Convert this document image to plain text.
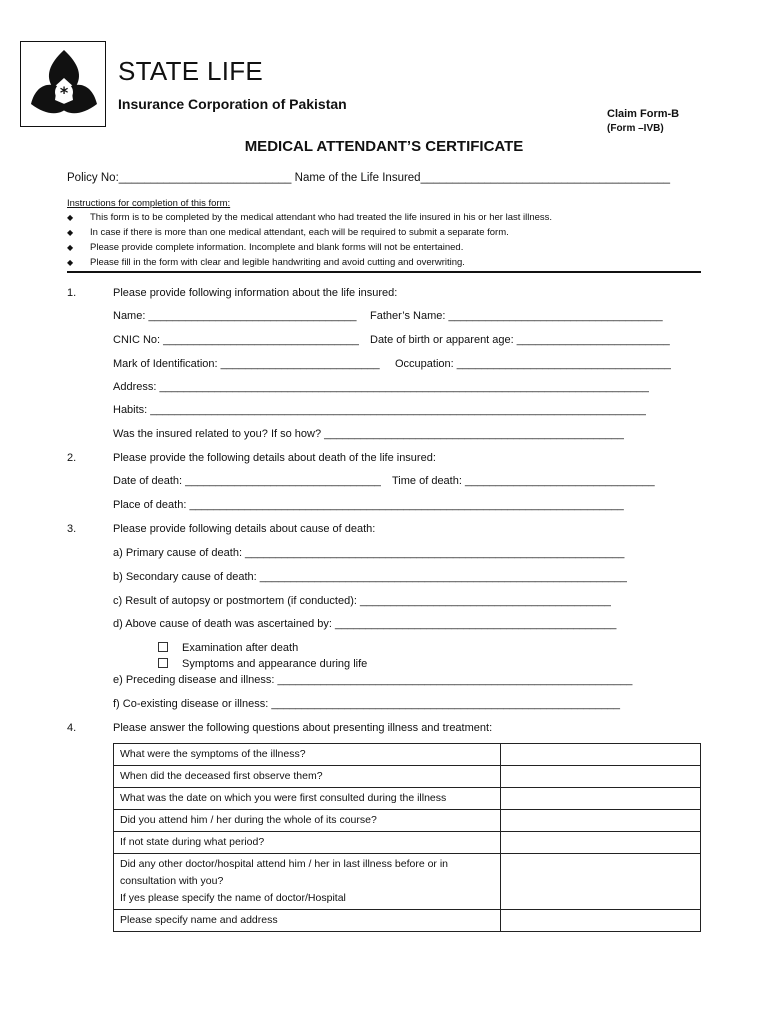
*
STATE LIFE
Insurance Corporation of Pakistan
Claim Form-B
(Form –IVB)
MEDICAL ATTENDANT’S CERTIFICATE
Policy No:___________________________ Name of the Life Insured_______________________________________
Instructions for completion of this form:
◆ This form is to be completed by the medical attendant who had treated the life insured in his or her last illness.
◆ In case if there is more than one medical attendant, each will be required to submit a separate form.
◆ Please provide complete information. Incomplete and blank forms will not be entertained.
◆ Please fill in the form with clear and legible handwriting and avoid cutting and overwriting.
1.	Please provide following information about the life insured:
Name: __________________________________ Father’s Name: ___________________________________
CNIC No: ________________________________ Date of birth or apparent age: _________________________
Mark of Identification: __________________________ Occupation: ___________________________________
Address: ________________________________________________________________________________
Habits: _________________________________________________________________________________
Was the insured related to you? If so how? _________________________________________________
2.	Please provide the following details about death of the life insured:
Date of death: ________________________________ Time of death: _______________________________
Place of death: _______________________________________________________________________
3.	Please provide following details about cause of death:
a) Primary cause of death: ______________________________________________________________
b) Secondary cause of death: ____________________________________________________________
c) Result of autopsy or postmortem (if conducted): _________________________________________
d) Above cause of death was ascertained by: ______________________________________________
Examination after death
Symptoms and appearance during life
e) Preceding disease and illness: __________________________________________________________
f) Co-existing disease or illness: _________________________________________________________
4.	Please answer the following questions about presenting illness and treatment:
What were the symptoms of the illness?	
When did the deceased first observe them?	
What was the date on which you were first consulted during the illness	
Did you attend him / her during the whole of its course?	
If not state during what period?	

Did any other doctor/hospital attend him / her in last illness before or in
consultation with you?
If yes please specify the name of doctor/Hospital	

Please specify name and address	
